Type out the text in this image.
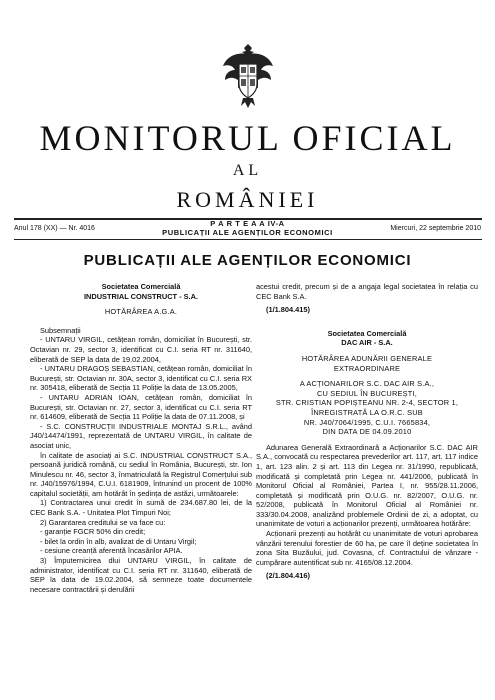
MONITORUL OFICIAL
AL
ROMÂNIEI
P A R T E A A IV-A
PUBLICAȚII ALE AGENȚILOR ECONOMICI
Anul 178 (XX) — Nr. 4016	Miercuri, 22 septembrie 2010
PUBLICAȚII ALE AGENȚILOR ECONOMICI

Societatea Comercială

INDUSTRIAL CONSTRUCT - S.A.

HOTĂRÂREA A.G.A.

Subsemnații

- UNTARU VIRGIL, cetățean român, domiciliat în București, str. Octavian nr. 29, sector 3, identificat cu C.I. seria RT nr. 311640, eliberată de SEP la data de 19.02.2004,

- UNTARU DRAGOȘ SEBASTIAN, cetățean român, domiciliat în București, str. Octavian nr. 30A, sector 3, identificat cu C.I. seria RX nr. 305418, eliberată de Secția 11 Poliție la data de 13.05.2005,

- UNTARU ADRIAN IOAN, cetățean român, domiciliat în București, str. Octavian nr. 27, sector 3, identificat cu C.I. seria RT nr. 614609, eliberată de Secția 11 Poliție la data de 07.11.2008, și

- S.C. CONSTRUCȚII INDUSTRIALE MONTAJ S.R.L., având J40/14474/1991, reprezentată de UNTARU VIRGIL, în calitate de asociat unic,

în calitate de asociați ai S.C. INDUSTRIAL CONSTRUCT S.A., persoană juridică română, cu sediul în România, București, str. Ion Minulescu nr. 46, sector 3, înmatriculată la Registrul Comerțului sub nr. J40/15976/1994, C.U.I. 6181909, întrunind un procent de 100% capitalul societății, am hotărât în ședința de astăzi, următoarele:

1) Contractarea unui credit în sumă de 234.687.80 lei, de la CEC Bank S.A. - Unitatea Plot Timpuri Noi;

2) Garantarea creditului se va face cu:

- garanție FGCR 50% din credit;

- bilet la ordin în alb, avalizat de di Untaru Virgil;

- cesiune creanță aferentă încasărilor APIA.

3) Împuternicirea dlui UNTARU VIRGIL, în calitate de administrator, identificat cu C.I. seria RT nr. 311640, eliberată de SEP la data de 19.02.2004, să semneze toate documentele necesare contractării și derulării

acestui credit, precum și de a angaja legal societatea în relația cu CEC Bank S.A.

(1/1.804.415)

Societatea Comercială

DAC AIR - S.A.

HOTĂRÂREA ADUNĂRII GENERALE

EXTRAORDINARE

A ACȚIONARILOR S.C. DAC AIR S.A.,

CU SEDIUL ÎN BUCUREȘTI,

STR. CRISTIAN POPIȘTEANU NR. 2-4, SECTOR 1,

ÎNREGISTRATĂ LA O.R.C. SUB

NR. J40/7064/1995, C.U.I. 7665834,

DIN DATA DE 04.09.2010

Adunarea Generală Extraordinară a Acționarilor S.C. DAC AIR S.A., convocată cu respectarea prevederilor art. 117, art. 117 indice 1, art. 123 alin. 2 și art. 113 din Legea nr. 31/1990, republicată, modificată și completată prin Legea nr. 441/2006, publicată în Monitorul Oficial al României, Partea I, nr. 955/28.11.2006, completată și modificată prin O.U.G. nr. 82/2007, O.U.G. nr. 52/2008, publicată în Monitorul Oficial al României nr. 333/30.04.2008, analizând problemele Ordinii de zi, a adoptat, cu unanimitate de voturi a acționarilor prezenți, următoarea hotărâre:

Acționarii prezenți au hotărât cu unanimitate de voturi aprobarea vânzării terenului forestier de 60 ha, pe care îl deține societatea în zona Sita Buzăului, jud. Covasna, cf. Contractului de vânzare - cumpărare autentificat sub nr. 4165/08.12.2004.

(2/1.804.416)
